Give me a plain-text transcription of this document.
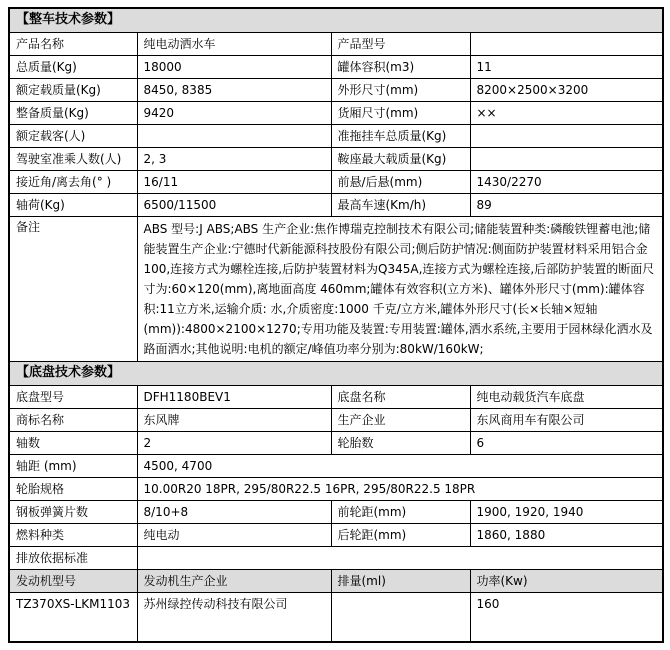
【整车技术参数】			
产品名称	纯电动洒水车	产品型号	
总质量(Kg)	18000	罐体容积(m3)	11
额定载质量(Kg)	8450, 8385	外形尺寸(mm)	8200×2500×3200
整备质量(Kg)	9420	货厢尺寸(mm)	××
额定载客(人)		准拖挂车总质量(Kg)	
驾驶室准乘人数(人)	2, 3	鞍座最大载质量(Kg)	
接近角/离去角(° )	16/11	前悬/后悬(mm)	1430/2270
轴荷(Kg)	6500/11500	最高车速(Km/h)	89
备注	ABS 型号:J ABS;ABS 生产企业:焦作博瑞克控制技术有限公司;储能装置种类:磷酸铁锂蓄电池;储能装置生产企业:宁德时代新能源科技股份有限公司;侧后防护情况:侧面防护装置材料采用铝合金100,连接方式为螺栓连接,后防护装置材料为Q345A,连接方式为螺栓连接,后部防护装置的断面尺寸为:60×120(mm),离地面高度 460mm;罐体有效容积(立方米)、罐体外形尺寸(mm):罐体容积:11立方米,运输介质: 水,介质密度:1000 千克/立方米,罐体外形尺寸(长×长轴×短轴(mm)):4800×2100×1270;专用功能及装置:专用装置:罐体,洒水系统,主要用于园林绿化洒水及路面洒水;其他说明:电机的额定/峰值功率分别为:80kW/160kW;		
【底盘技术参数】			
底盘型号	DFH1180BEV1	底盘名称	纯电动载货汽车底盘
商标名称	东风牌	生产企业	东风商用车有限公司
轴数	2	轮胎数	6
轴距 (mm)	4500, 4700		
轮胎规格	10.00R20 18PR, 295/80R22.5 16PR, 295/80R22.5 18PR		
钢板弹簧片数	8/10+8	前轮距(mm)	1900, 1920, 1940
燃料种类	纯电动	后轮距(mm)	1860, 1880
排放依据标准			
发动机型号	发动机生产企业	排量(ml)	功率(Kw)
TZ370XS-LKM1103	苏州绿控传动科技有限公司		160
